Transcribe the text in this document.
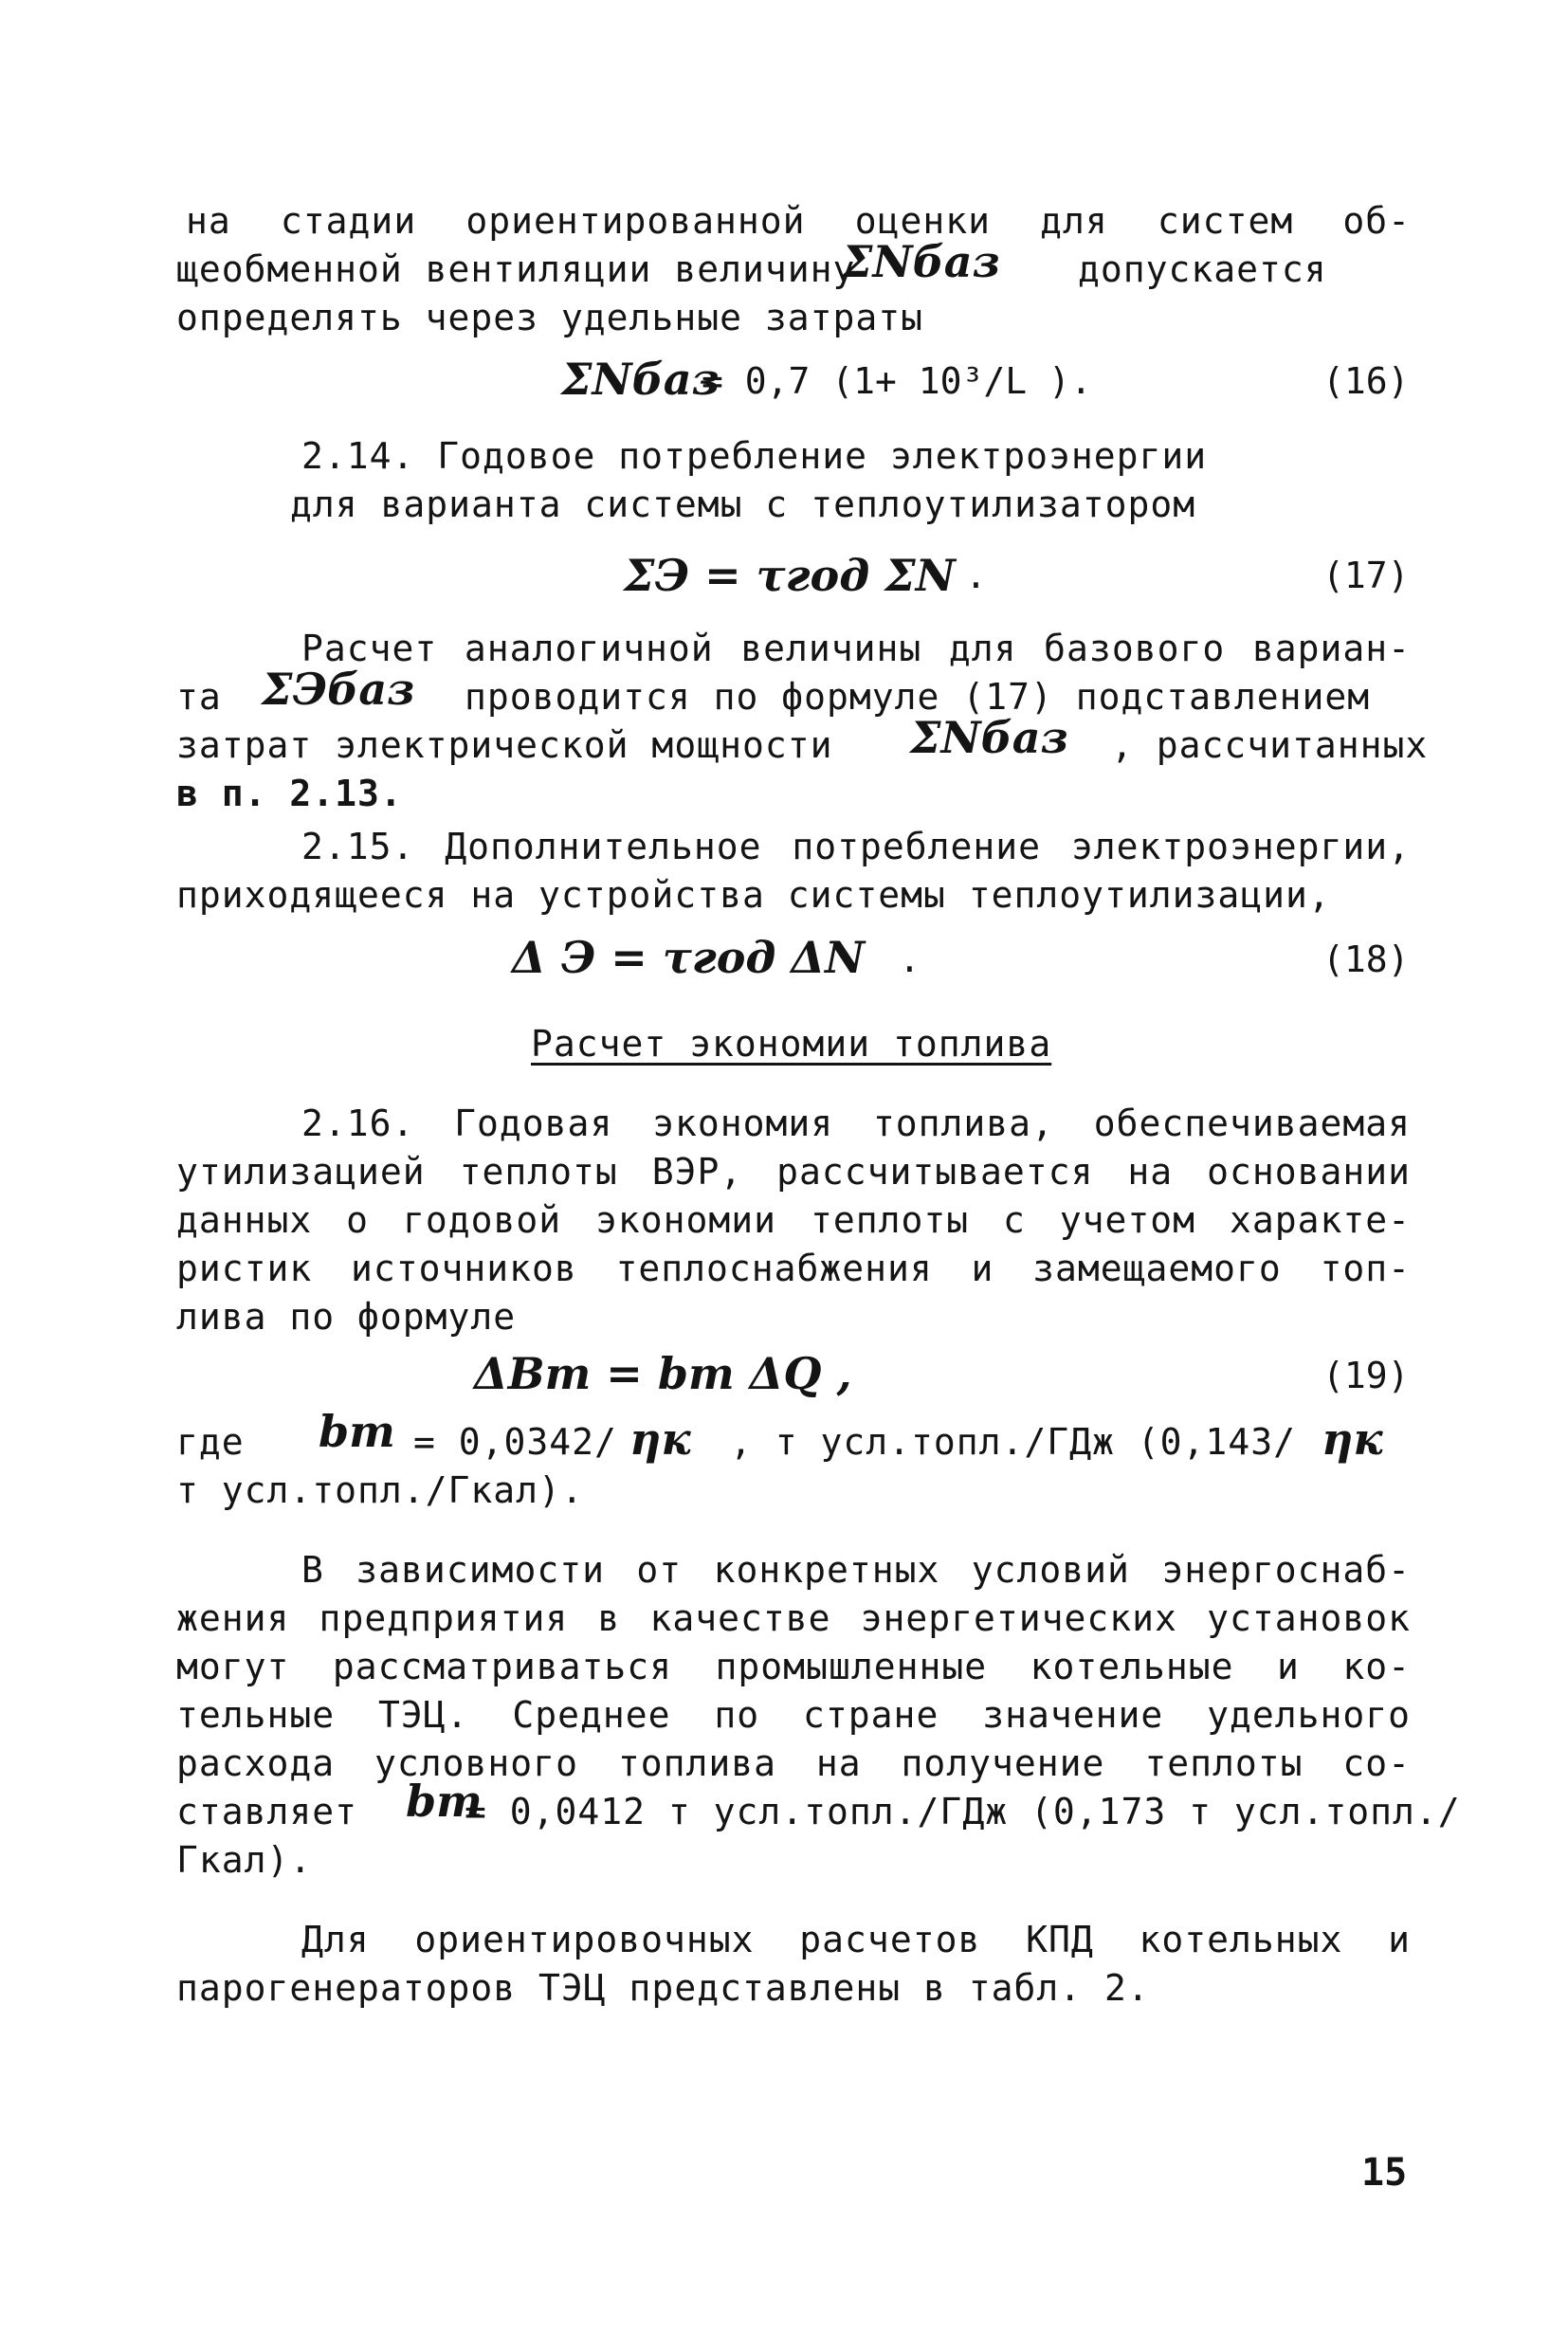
на стадии ориентированной оценки для систем об-
щеобменной вентиляции величину
ΣNбаз допускается
определять через удельные затраты
ΣNбаз
= 0,7 (1+ 10³/L ).	(16)
2.14. Годовое потребление электроэнергии
для варианта системы с теплоутилизатором
ΣЭ = τгод ΣN .	(17)
Расчет аналогичной величины для базового вариан-
та ΣЭбаз проводится по формуле (17) подставлением
затрат электрической мощности ΣNбаз , рассчитанных
в п. 2.13.
2.15. Дополнительное потребление электроэнергии,
приходящееся на устройства системы теплоутилизации,
Δ Э = τгод ΔN .	(18)
Расчет экономии топлива
2.16. Годовая экономия топлива, обеспечиваемая
утилизацией теплоты ВЭР, рассчитывается на основании
данных о годовой экономии теплоты с учетом характе-
ристик источников теплоснабжения и замещаемого топ-
лива по формуле
ΔBт = bт ΔQ ,	(19)
где bт = 0,0342/ ηк , т усл.топл./ГДж (0,143/ ηк
т усл.топл./Гкал).
В зависимости от конкретных условий энергоснаб-
жения предприятия в качестве энергетических установок
могут рассматриваться промышленные котельные и ко-
тельные ТЭЦ. Среднее по стране значение удельного
расхода условного топлива на получение теплоты со-
ставляет bт
= 0,0412 т усл.топл./ГДж (0,173 т усл.топл./
Гкал).
Для ориентировочных расчетов КПД котельных и
парогенераторов ТЭЦ представлены в табл. 2.
15
